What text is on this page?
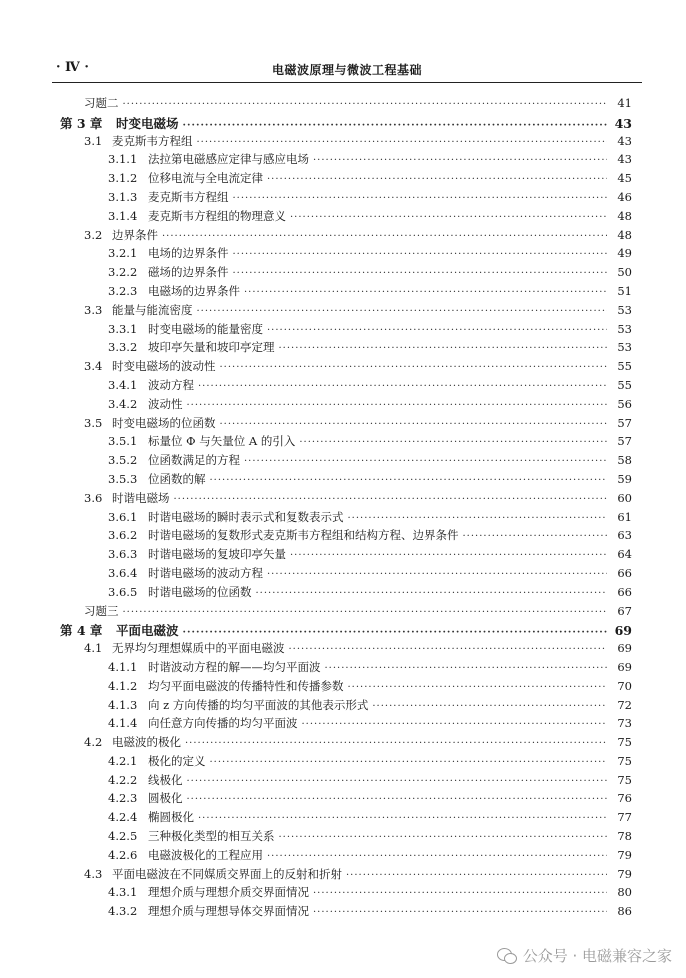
· Ⅳ ·	电磁波原理与微波工程基础
习题二 ·····	41
第 3 章	时变电磁场 ·····	43
3.1 麦克斯韦方程组 ·····	43
3.1.1 法拉第电磁感应定律与感应电场 ·····	43
3.1.2 位移电流与全电流定律 ·····	45
3.1.3 麦克斯韦方程组 ·····	46
3.1.4 麦克斯韦方程组的物理意义 ·····	48
3.2 边界条件 ·····	48
3.2.1 电场的边界条件 ·····	49
3.2.2 磁场的边界条件 ·····	50
3.2.3 电磁场的边界条件 ·····	51
3.3 能量与能流密度 ·····	53
3.3.1 时变电磁场的能量密度 ·····	53
3.3.2 坡印亭矢量和坡印亭定理 ·····	53
3.4 时变电磁场的波动性 ·····	55
3.4.1 波动方程 ·····	55
3.4.2 波动性 ·····	56
3.5 时变电磁场的位函数 ·····	57
3.5.1 标量位 Φ 与矢量位 A 的引入 ·····	57
3.5.2 位函数满足的方程 ·····	58
3.5.3 位函数的解 ·····	59
3.6 时谐电磁场 ·····	60
3.6.1 时谐电磁场的瞬时表示式和复数表示式 ·····	61
3.6.2 时谐电磁场的复数形式麦克斯韦方程组和结构方程、边界条件 ·····	63
3.6.3 时谐电磁场的复坡印亭矢量 ·····	64
3.6.4 时谐电磁场的波动方程 ·····	66
3.6.5 时谐电磁场的位函数 ·····	66
习题三 ·····	67
第 4 章	平面电磁波 ·····	69
4.1 无界均匀理想媒质中的平面电磁波 ·····	69
4.1.1 时谐波动方程的解——均匀平面波 ·····	69
4.1.2 均匀平面电磁波的传播特性和传播参数 ·····	70
4.1.3 向 z 方向传播的均匀平面波的其他表示形式 ·····	72
4.1.4 向任意方向传播的均匀平面波 ·····	73
4.2 电磁波的极化 ·····	75
4.2.1 极化的定义 ·····	75
4.2.2 线极化 ·····	75
4.2.3 圆极化 ·····	76
4.2.4 椭圆极化 ·····	77
4.2.5 三种极化类型的相互关系 ·····	78
4.2.6 电磁波极化的工程应用 ·····	79
4.3 平面电磁波在不同媒质交界面上的反射和折射 ·····	79
4.3.1 理想介质与理想介质交界面情况 ·····	80
4.3.2 理想介质与理想导体交界面情况 ·····	86
公众号 · 电磁兼容之家
